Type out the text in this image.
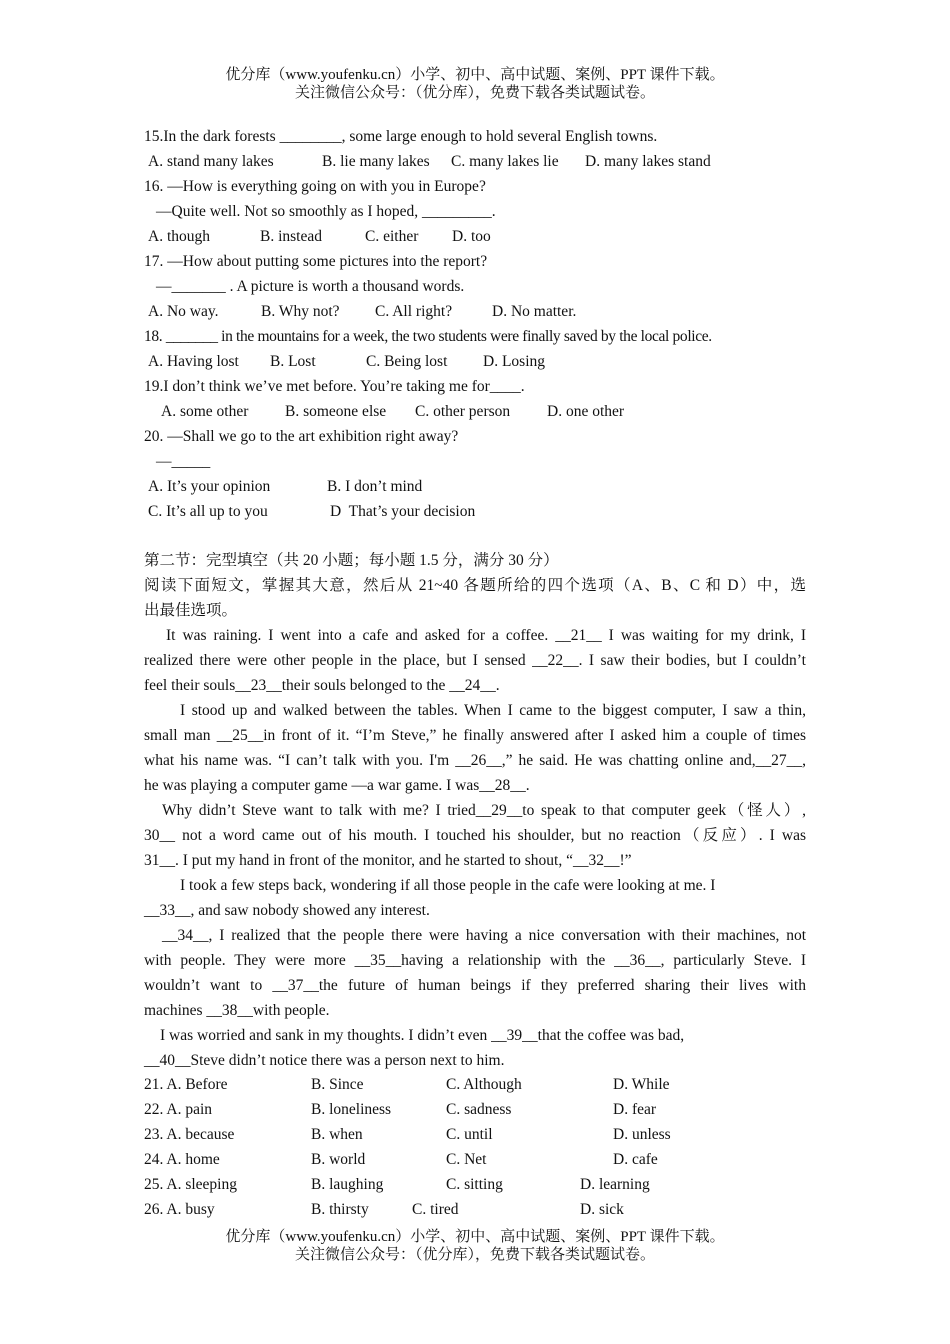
优分库（www.youfenku.cn）小学、初中、高中试题、案例、PPT 课件下载。
关注微信公众号：（优分库），免费下载各类试题试卷。
15.In the dark forests ________, some large enough to hold several English towns.
A. stand many lakes	B. lie many lakes C. many lakes lie D. many lakes stand
16. —How is everything going on with you in Europe?
—Quite well. Not so smoothly as I hoped, _________.
A. though	B. instead	C. either D. too
17. —How about putting some pictures into the report?
—_______ . A picture is worth a thousand words.
A. No way.	B. Why not? C. All right?	D. No matter.
18. _______ in the mountains for a week, the two students were finally saved by the local police.
A. Having lost B. Lost	C. Being lost D. Losing
19.I don’t think we’ve met before. You’re taking me for____.
A. some other B. someone else C. other person D. one other
20. —Shall we go to the art exhibition right away?
—_____
A. It’s your opinion	B. I don’t mind
C. It’s all up to you	D  That’s your decision
第二节：完型填空（共 20 小题；每小题 1.5 分，满分 30 分）
阅读下面短文，掌握其大意，然后从 21~40 各题所给的四个选项（A、B、C 和 D）中，选
出最佳选项。
It was raining. I went into a cafe and asked for a coffee. __21__ I was waiting for my drink, I
realized there were other people in the place, but I sensed __22__. I saw their bodies, but I couldn’t
feel their souls__23__their souls belonged to the __24__.
I stood up and walked between the tables. When I came to the biggest computer, I saw a thin,
small man __25__in front of it. “I’m Steve,” he finally answered after I asked him a couple of times
what his name was. “I can’t talk with you. I'm __26__,” he said. He was chatting online and,__27__,
he was playing a computer game —a war game. I was__28__.
Why didn’t Steve want to talk with me? I tried__29__to speak to that computer geek（怪人）,
30__ not a word came out of his mouth. I touched his shoulder, but no reaction（反应）. I was
31__. I put my hand in front of the monitor, and he started to shout, “__32__!”
I took a few steps back, wondering if all those people in the cafe were looking at me. I
__33__, and saw nobody showed any interest.
__34__, I realized that the people there were having a nice conversation with their machines, not
with people. They were more __35__having a relationship with the __36__, particularly Steve. I
wouldn’t want to __37__the future of human beings if they preferred sharing their lives with
machines __38__with people.
I was worried and sank in my thoughts. I didn’t even __39__that the coffee was bad,
__40__Steve didn’t notice there was a person next to him.
21. A. Before	B. Since	C. Although	D. While
22. A. pain	B. loneliness	C. sadness	D. fear
23. A. because	B. when	C. until	D. unless
24. A. home	B. world	C. Net	D. cafe
25. A. sleeping	B. laughing	C. sitting	D. learning
26. A. busy	B. thirsty	C. tired	D. sick
优分库（www.youfenku.cn）小学、初中、高中试题、案例、PPT 课件下载。
关注微信公众号：（优分库），免费下载各类试题试卷。
